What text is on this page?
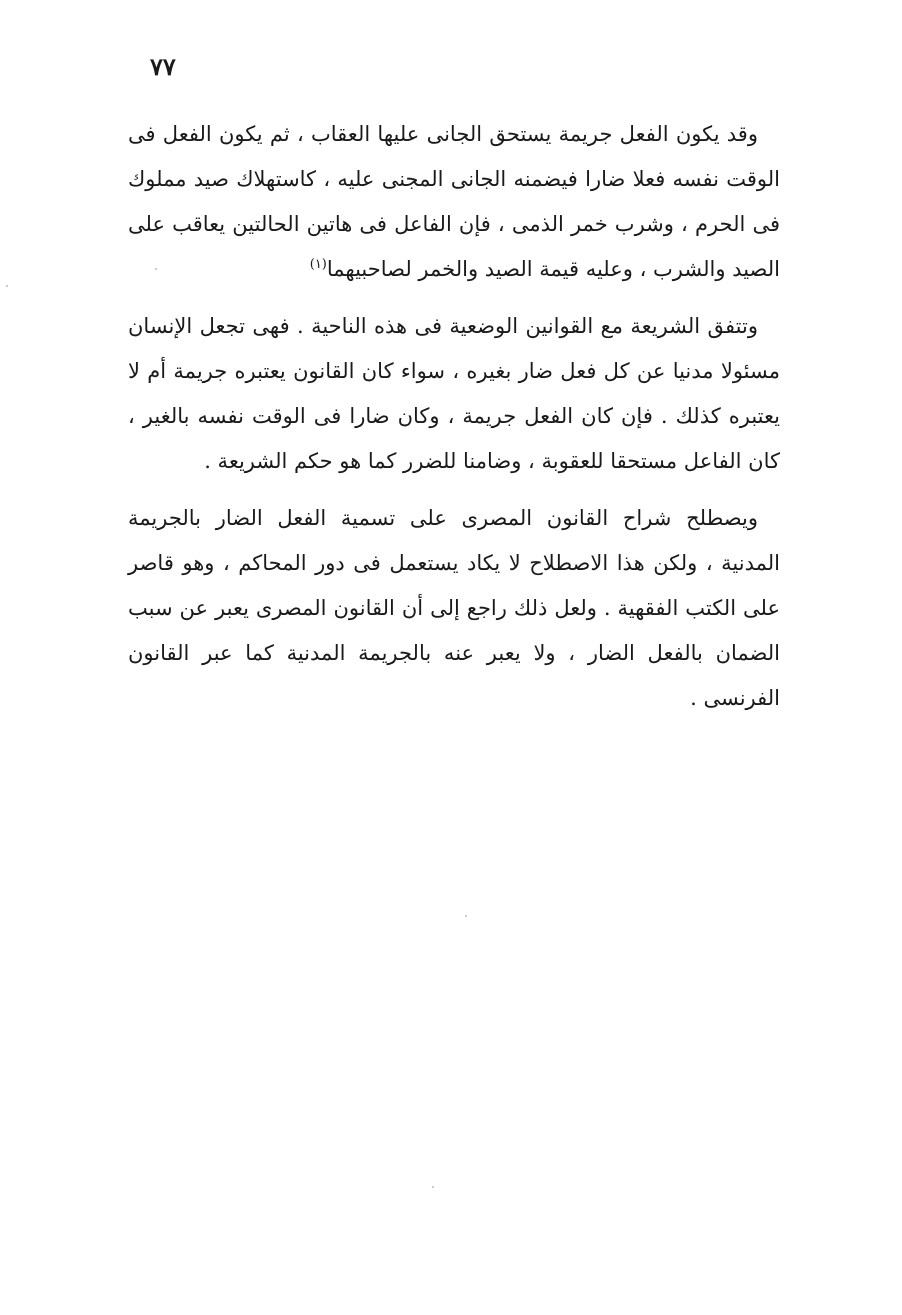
٧٧

وقد يكون الفعل جريمة يستحق الجانى عليها العقاب ، ثم يكون الفعل فى الوقت نفسه فعلا ضارا فيضمنه الجانى المجنى عليه ، كاستهلاك صيد مملوك فى الحرم ، وشرب خمر الذمى ، فإن الفاعل فى هاتين الحالتين يعاقب على الصيد والشرب ، وعليه قيمة الصيد والخمر لصاحبيهما$^{(١)}$

وتتفق الشريعة مع القوانين الوضعية فى هذه الناحية . فهى تجعل الإنسان مسئولا مدنيا عن كل فعل ضار بغيره ، سواء كان القانون يعتبره جريمة أم لا يعتبره كذلك . فإن كان الفعل جريمة ، وكان ضارا فى الوقت نفسه بالغير ، كان الفاعل مستحقا للعقوبة ، وضامنا للضرر كما هو حكم الشريعة .

ويصطلح شراح القانون المصرى على تسمية الفعل الضار بالجريمة المدنية ، ولكن هذا الاصطلاح لا يكاد يستعمل فى دور المحاكم ، وهو قاصر على الكتب الفقهية . ولعل ذلك راجع إلى أن القانون المصرى يعبر عن سبب الضمان بالفعل الضار ، ولا يعبر عنه بالجريمة المدنية كما عبر القانون الفرنسى .
